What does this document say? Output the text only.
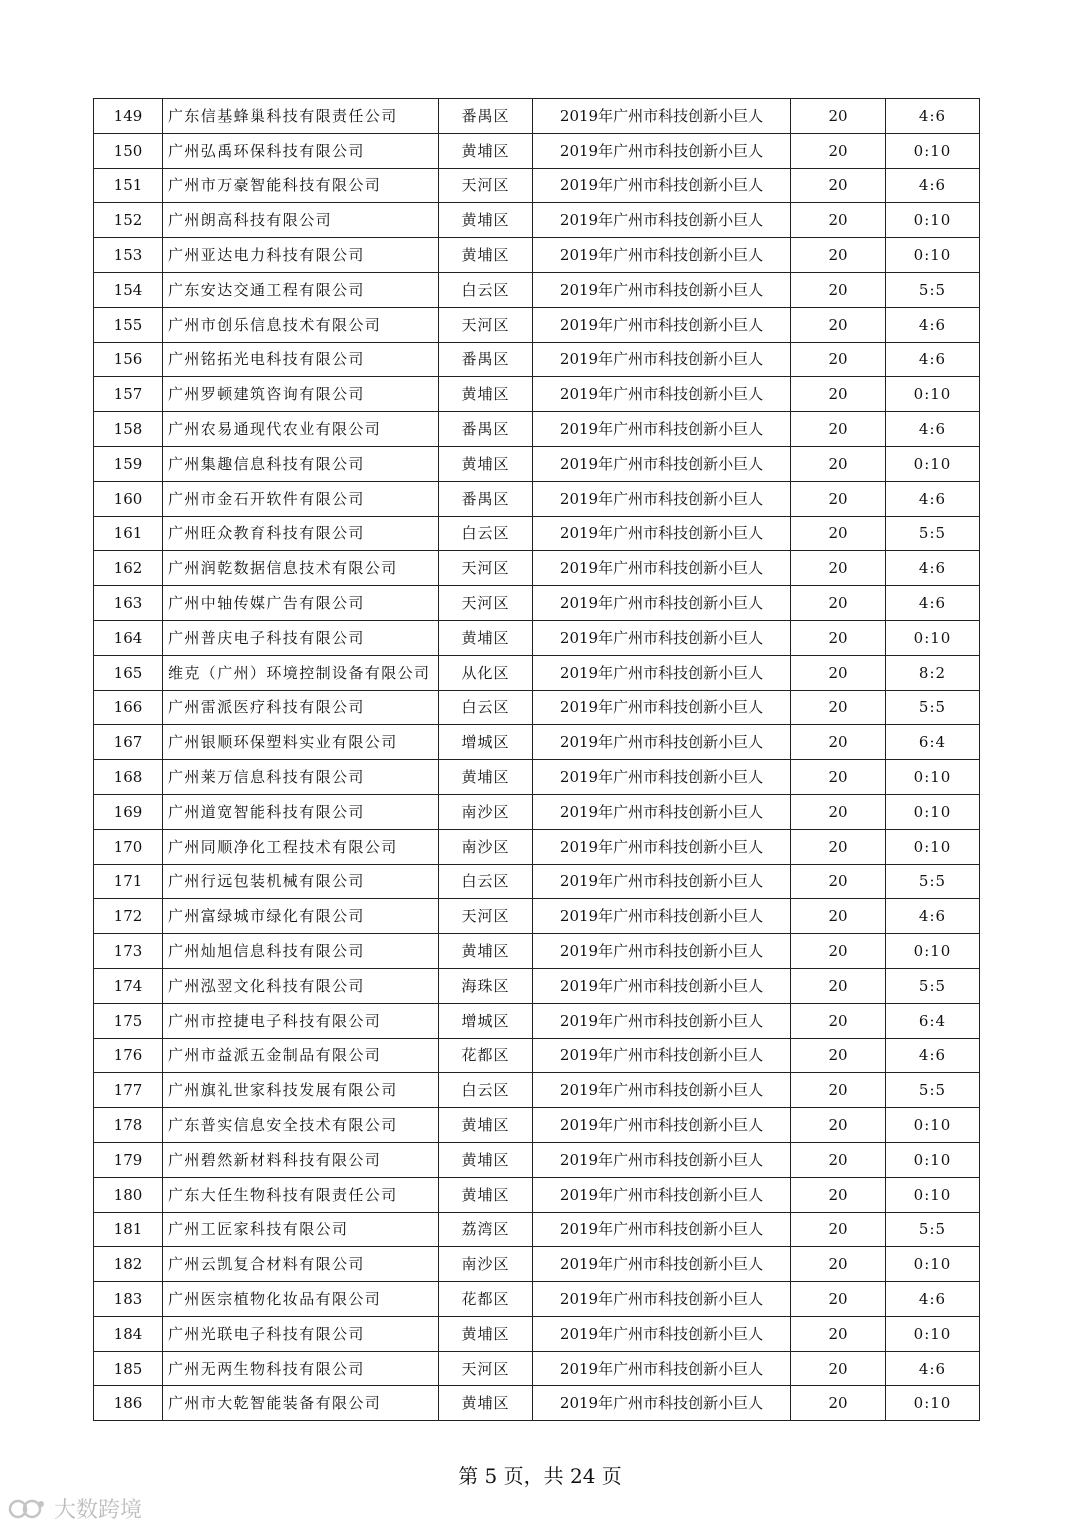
149	广东信基蜂巢科技有限责任公司	番禺区	2019年广州市科技创新小巨人	20	4:6
150	广州弘禹环保科技有限公司	黄埔区	2019年广州市科技创新小巨人	20	0:10
151	广州市万豪智能科技有限公司	天河区	2019年广州市科技创新小巨人	20	4:6
152	广州朗高科技有限公司	黄埔区	2019年广州市科技创新小巨人	20	0:10
153	广州亚达电力科技有限公司	黄埔区	2019年广州市科技创新小巨人	20	0:10
154	广东安达交通工程有限公司	白云区	2019年广州市科技创新小巨人	20	5:5
155	广州市创乐信息技术有限公司	天河区	2019年广州市科技创新小巨人	20	4:6
156	广州铭拓光电科技有限公司	番禺区	2019年广州市科技创新小巨人	20	4:6
157	广州罗顿建筑咨询有限公司	黄埔区	2019年广州市科技创新小巨人	20	0:10
158	广州农易通现代农业有限公司	番禺区	2019年广州市科技创新小巨人	20	4:6
159	广州集趣信息科技有限公司	黄埔区	2019年广州市科技创新小巨人	20	0:10
160	广州市金石开软件有限公司	番禺区	2019年广州市科技创新小巨人	20	4:6
161	广州旺众教育科技有限公司	白云区	2019年广州市科技创新小巨人	20	5:5
162	广州润乾数据信息技术有限公司	天河区	2019年广州市科技创新小巨人	20	4:6
163	广州中轴传媒广告有限公司	天河区	2019年广州市科技创新小巨人	20	4:6
164	广州普庆电子科技有限公司	黄埔区	2019年广州市科技创新小巨人	20	0:10
165	维克（广州）环境控制设备有限公司	从化区	2019年广州市科技创新小巨人	20	8:2
166	广州雷派医疗科技有限公司	白云区	2019年广州市科技创新小巨人	20	5:5
167	广州银顺环保塑料实业有限公司	增城区	2019年广州市科技创新小巨人	20	6:4
168	广州莱万信息科技有限公司	黄埔区	2019年广州市科技创新小巨人	20	0:10
169	广州道宽智能科技有限公司	南沙区	2019年广州市科技创新小巨人	20	0:10
170	广州同顺净化工程技术有限公司	南沙区	2019年广州市科技创新小巨人	20	0:10
171	广州行远包装机械有限公司	白云区	2019年广州市科技创新小巨人	20	5:5
172	广州富绿城市绿化有限公司	天河区	2019年广州市科技创新小巨人	20	4:6
173	广州灿旭信息科技有限公司	黄埔区	2019年广州市科技创新小巨人	20	0:10
174	广州泓翌文化科技有限公司	海珠区	2019年广州市科技创新小巨人	20	5:5
175	广州市控捷电子科技有限公司	增城区	2019年广州市科技创新小巨人	20	6:4
176	广州市益派五金制品有限公司	花都区	2019年广州市科技创新小巨人	20	4:6
177	广州旗礼世家科技发展有限公司	白云区	2019年广州市科技创新小巨人	20	5:5
178	广东普实信息安全技术有限公司	黄埔区	2019年广州市科技创新小巨人	20	0:10
179	广州碧然新材料科技有限公司	黄埔区	2019年广州市科技创新小巨人	20	0:10
180	广东大任生物科技有限责任公司	黄埔区	2019年广州市科技创新小巨人	20	0:10
181	广州工匠家科技有限公司	荔湾区	2019年广州市科技创新小巨人	20	5:5
182	广州云凯复合材料有限公司	南沙区	2019年广州市科技创新小巨人	20	0:10
183	广州医宗植物化妆品有限公司	花都区	2019年广州市科技创新小巨人	20	4:6
184	广州光联电子科技有限公司	黄埔区	2019年广州市科技创新小巨人	20	0:10
185	广州无两生物科技有限公司	天河区	2019年广州市科技创新小巨人	20	4:6
186	广州市大乾智能装备有限公司	黄埔区	2019年广州市科技创新小巨人	20	0:10
第 5 页，共 24 页
大数跨境
